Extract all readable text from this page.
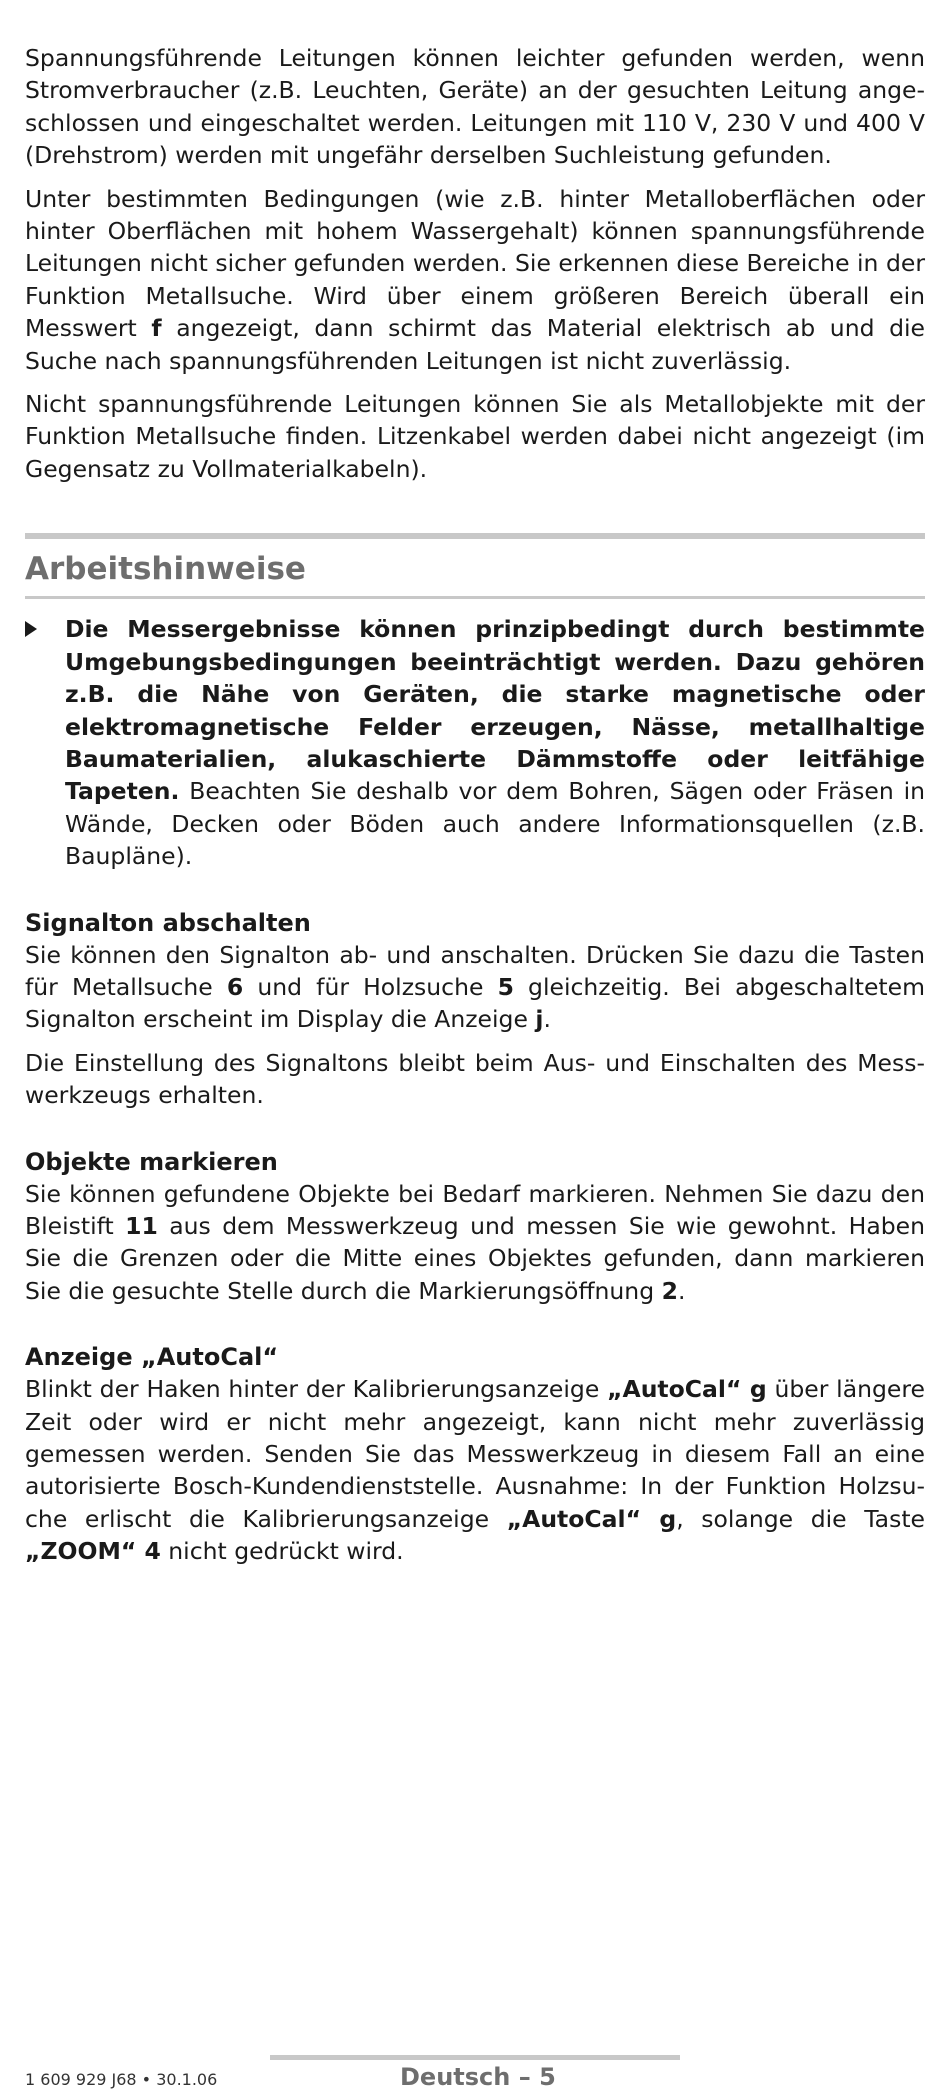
Spannungsführende Leitungen können leichter gefunden werden, wenn Stromverbraucher (z.B. Leuchten, Geräte) an der gesuchten Leitung angeschlossen und eingeschaltet werden. Leitungen mit 110 V, 230 V und 400 V (Drehstrom) werden mit ungefähr derselben Suchleistung gefunden.

Unter bestimmten Bedingungen (wie z.B. hinter Metalloberflächen oder hinter Oberflächen mit hohem Wassergehalt) können spannungsführende Leitungen nicht sicher gefunden werden. Sie erkennen diese Bereiche in der Funktion Metallsuche. Wird über einem größeren Bereich überall ein Messwert f angezeigt, dann schirmt das Material elektrisch ab und die Suche nach spannungsführenden Leitungen ist nicht zuverlässig.

Nicht spannungsführende Leitungen können Sie als Metallobjekte mit der Funktion Metallsuche finden. Litzenkabel werden dabei nicht angezeigt (im Gegensatz zu Vollmaterialkabeln).

Arbeitshinweise

Die Messergebnisse können prinzipbedingt durch bestimmte Umgebungsbedingungen beeinträchtigt werden. Dazu gehören z.B. die Nähe von Geräten, die starke magnetische oder elektromagnetische Felder erzeugen, Nässe, metallhaltige Baumaterialien, alukaschierte Dämmstoffe oder leitfähige Tapeten. Beachten Sie deshalb vor dem Bohren, Sägen oder Fräsen in Wände, Decken oder Böden auch andere Informationsquellen (z.B. Baupläne).

Signalton abschalten

Sie können den Signalton ab- und anschalten. Drücken Sie dazu die Tasten für Metallsuche 6 und für Holzsuche 5 gleichzeitig. Bei abgeschaltetem Signalton erscheint im Display die Anzeige j.

Die Einstellung des Signaltons bleibt beim Aus- und Einschalten des Messwerkzeugs erhalten.

Objekte markieren

Sie können gefundene Objekte bei Bedarf markieren. Nehmen Sie dazu den Bleistift 11 aus dem Messwerkzeug und messen Sie wie gewohnt. Haben Sie die Grenzen oder die Mitte eines Objektes gefunden, dann markieren Sie die gesuchte Stelle durch die Markierungsöffnung 2.

Anzeige „AutoCal“

Blinkt der Haken hinter der Kalibrierungsanzeige „AutoCal“ g über längere Zeit oder wird er nicht mehr angezeigt, kann nicht mehr zuverlässig gemessen werden. Senden Sie das Messwerkzeug in diesem Fall an eine autorisierte Bosch-Kundendienststelle. Ausnahme: In der Funktion Holzsuche erlischt die Kalibrierungsanzeige „AutoCal“ g, solange die Taste „ZOOM“ 4 nicht gedrückt wird.

1 609 929 J68 • 30.1.06	Deutsch – 5
